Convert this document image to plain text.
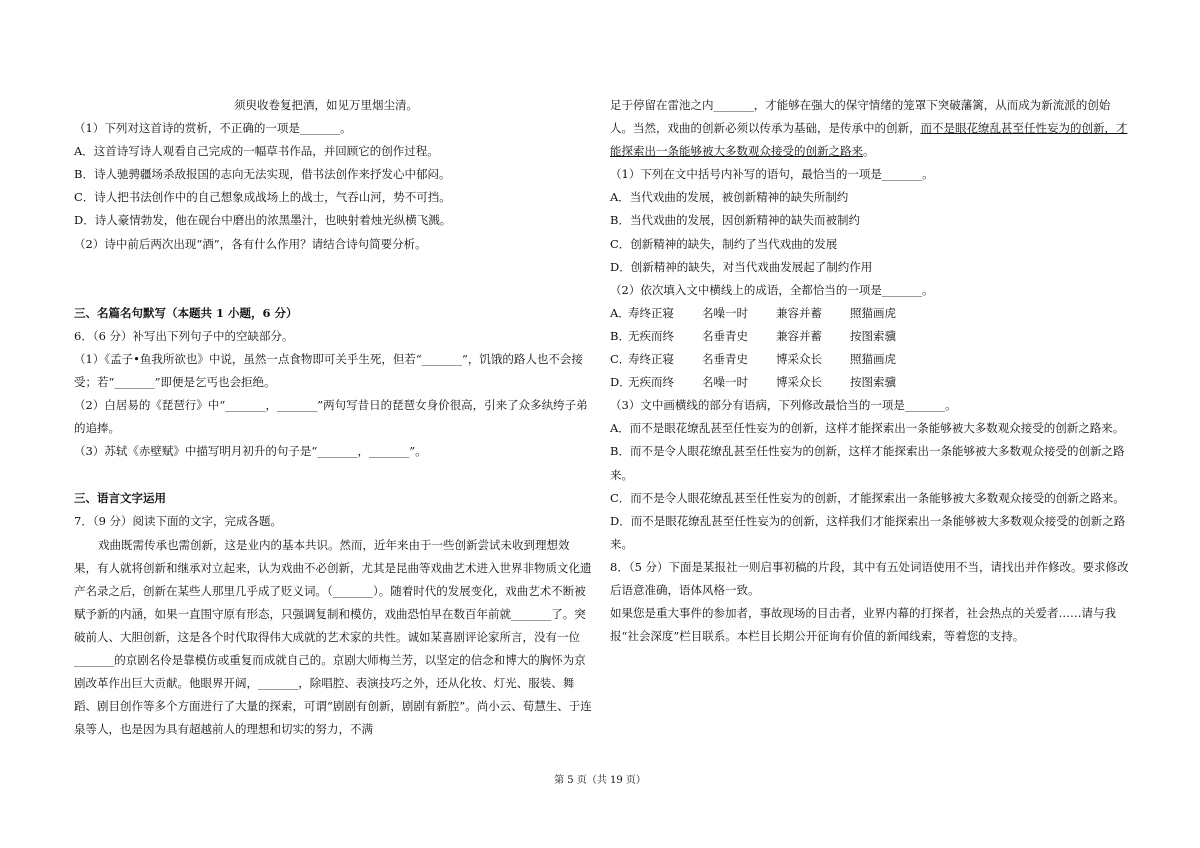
须臾收卷复把酒，如见万里烟尘清。
（1）下列对这首诗的赏析，不正确的一项是_______。
A．这首诗写诗人观看自己完成的一幅草书作品，并回顾它的创作过程。
B．诗人驰骋疆场杀敌报国的志向无法实现，借书法创作来抒发心中郁闷。
C．诗人把书法创作中的自己想象成战场上的战士，气吞山河，势不可挡。
D．诗人豪情勃发，他在砚台中磨出的浓黑墨汁，也映射着烛光纵横飞溅。
（2）诗中前后两次出现“酒”，各有什么作用？请结合诗句简要分析。
三、名篇名句默写（本题共 1 小题，6 分）
6．（6 分）补写出下列句子中的空缺部分。
（1）《孟子•鱼我所欲也》中说，虽然一点食物即可关乎生死，但若“_______”，饥饿的路人也不会接受；若“_______”即便是乞丐也会拒绝。
（2）白居易的《琵琶行》中“_______，_______”两句写昔日的琵琶女身价很高，引来了众多纨绔子弟的追捧。
（3）苏轼《赤壁赋》中描写明月初升的句子是“_______，_______”。
三、语言文字运用
7．（9 分）阅读下面的文字，完成各题。
戏曲既需传承也需创新，这是业内的基本共识。然而，近年来由于一些创新尝试未收到理想效果，有人就将创新和继承对立起来，认为戏曲不必创新，尤其是昆曲等戏曲艺术进入世界非物质文化遗产名录之后，创新在某些人那里几乎成了贬义词。（_______）。随着时代的发展变化，戏曲艺术不断被赋予新的内涵，如果一直围守原有形态，只强调复制和模仿，戏曲恐怕早在数百年前就_______了。突破前人、大胆创新，这是各个时代取得伟大成就的艺术家的共性。诚如某喜剧评论家所言，没有一位_______的京剧名伶是靠模仿或重复而成就自己的。京剧大师梅兰芳，以坚定的信念和博大的胸怀为京剧改革作出巨大贡献。他眼界开阔，_______，除唱腔、表演技巧之外，还从化妆、灯光、服装、舞蹈、剧目创作等多个方面进行了大量的探索，可谓“剧剧有创新，剧剧有新腔”。尚小云、荀慧生、于连泉等人，也是因为具有超越前人的理想和切实的努力，不满
足于停留在雷池之内_______，才能够在强大的保守情绪的笼罩下突破藩篱，从而成为新流派的创始人。当然，戏曲的创新必须以传承为基础，是传承中的创新，而不是眼花缭乱甚至任性妄为的创新，才能探索出一条能够被大多数观众接受的创新之路来。
（1）下列在文中括号内补写的语句，最恰当的一项是_______。
A．当代戏曲的发展，被创新精神的缺失所制约
B．当代戏曲的发展，因创新精神的缺失而被制约
C．创新精神的缺失，制约了当代戏曲的发展
D．创新精神的缺失，对当代戏曲发展起了制约作用
（2）依次填入文中横线上的成语，全都恰当的一项是_______。
A．寿终正寝 名噪一时 兼容并蓄 照猫画虎
B．无疾而终 名垂青史 兼容并蓄 按图索骥
C．寿终正寝 名垂青史 博采众长 照猫画虎
D．无疾而终 名噪一时 博采众长 按图索骥
（3）文中画横线的部分有语病，下列修改最恰当的一项是_______。
A．而不是眼花缭乱甚至任性妄为的创新，这样才能探索出一条能够被大多数观众接受的创新之路来。
B．而不是令人眼花缭乱甚至任性妄为的创新，这样才能探索出一条能够被大多数观众接受的创新之路来。
C．而不是令人眼花缭乱甚至任性妄为的创新，才能探索出一条能够被大多数观众接受的创新之路来。
D．而不是眼花缭乱甚至任性妄为的创新，这样我们才能探索出一条能够被大多数观众接受的创新之路来。
8．（5 分）下面是某报社一则启事初稿的片段，其中有五处词语使用不当，请找出并作修改。要求修改后语意准确，语体风格一致。
如果您是重大事件的参加者，事故现场的目击者，业界内幕的打探者，社会热点的关爱者……请与我报“社会深度”栏目联系。本栏目长期公开征询有价值的新闻线索，等着您的支持。
第 5 页（共 19 页）
